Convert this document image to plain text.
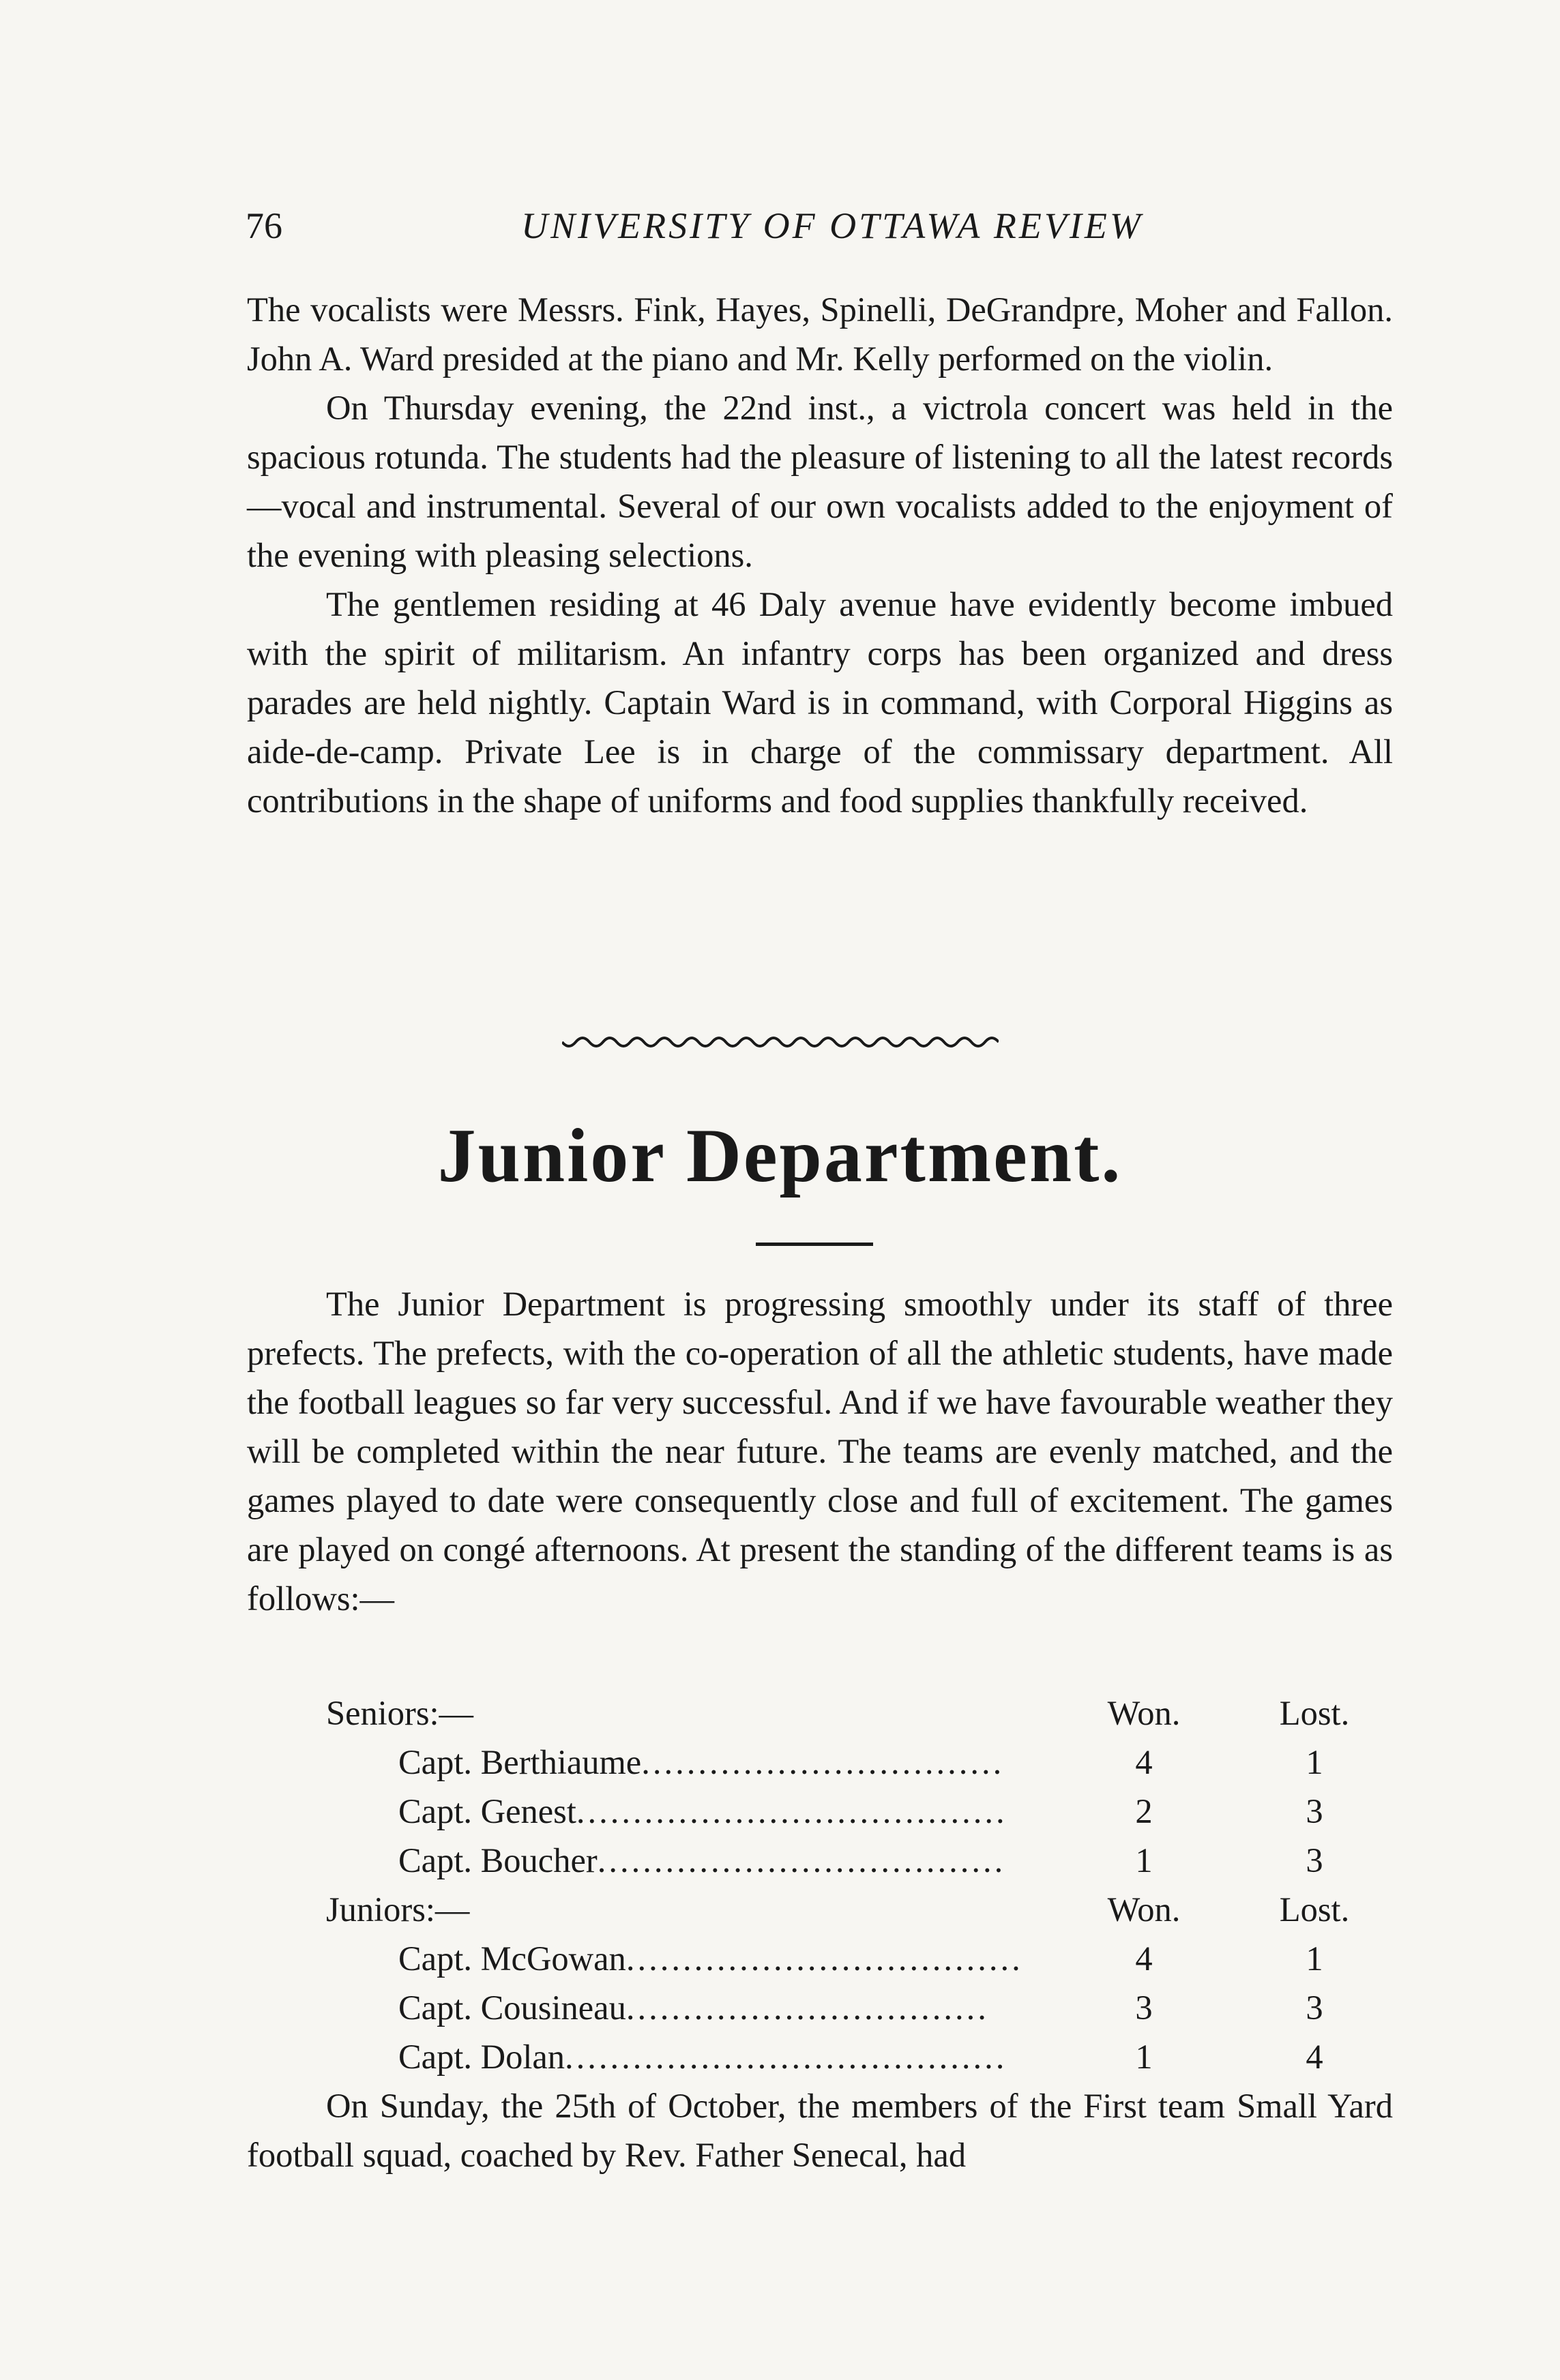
76	UNIVERSITY OF OTTAWA REVIEW

The vocalists were Messrs. Fink, Hayes, Spinelli, DeGrandpre, Moher and Fallon. John A. Ward presided at the piano and Mr. Kelly performed on the violin.

On Thursday evening, the 22nd inst., a victrola concert was held in the spacious rotunda. The students had the pleasure of listening to all the latest records—vocal and instrumental. Several of our own vocalists added to the enjoyment of the evening with pleasing selections.

The gentlemen residing at 46 Daly avenue have evidently become imbued with the spirit of militarism. An infantry corps has been organized and dress parades are held nightly. Captain Ward is in command, with Corporal Higgins as aide-de-camp. Private Lee is in charge of the commissary department. All contributions in the shape of uniforms and food supplies thankfully received.

Junior Department.

The Junior Department is progressing smoothly under its staff of three prefects. The prefects, with the co-operation of all the athletic students, have made the football leagues so far very successful. And if we have favourable weather they will be completed within the near future. The teams are evenly matched, and the games played to date were consequently close and full of excitement. The games are played on congé afternoons. At present the standing of the different teams is as follows:—

Seniors:—	Won.	Lost.
Capt. Berthiaume................................	4	1
Capt. Genest......................................	2	3
Capt. Boucher....................................	1	3
Juniors:—	Won.	Lost.
Capt. McGowan...................................	4	1
Capt. Cousineau................................	3	3
Capt. Dolan.......................................	1	4

On Sunday, the 25th of October, the members of the First team Small Yard football squad, coached by Rev. Father Senecal, had
